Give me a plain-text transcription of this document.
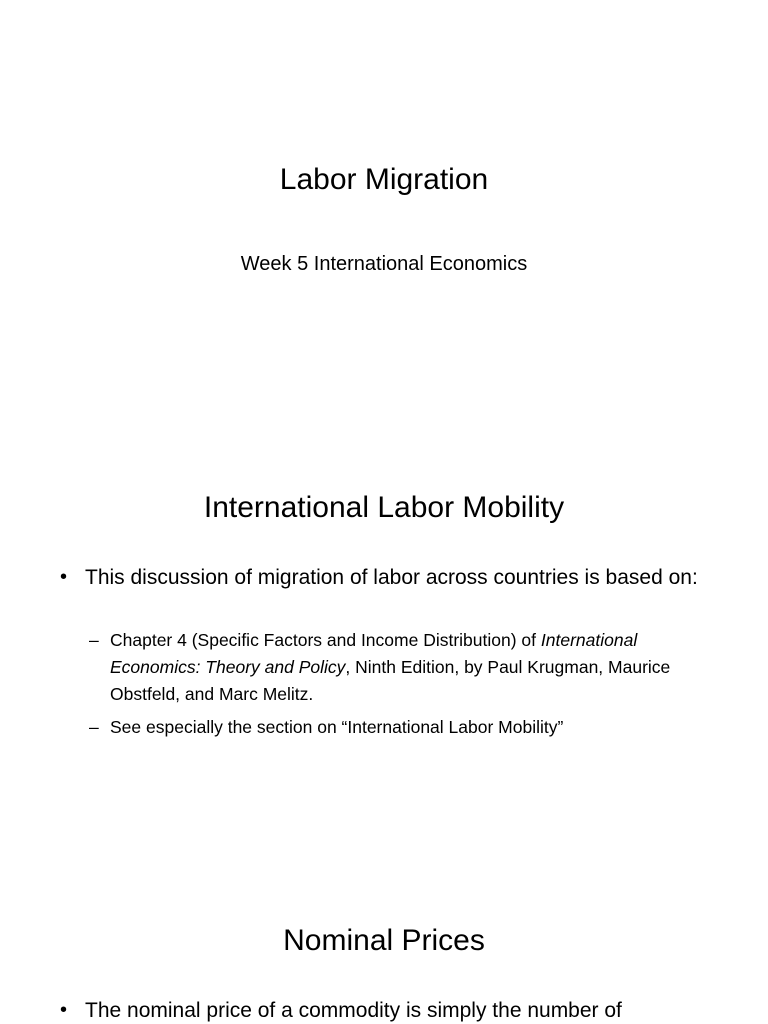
Labor Migration
Week 5 International Economics
International Labor Mobility
• This discussion of migration of labor across countries is based on:
– Chapter 4 (Specific Factors and Income Distribution) of International Economics: Theory and Policy, Ninth Edition, by Paul Krugman, Maurice Obstfeld, and Marc Melitz.
– See especially the section on “International Labor Mobility”
Nominal Prices
• The nominal price of a commodity is simply the number of
